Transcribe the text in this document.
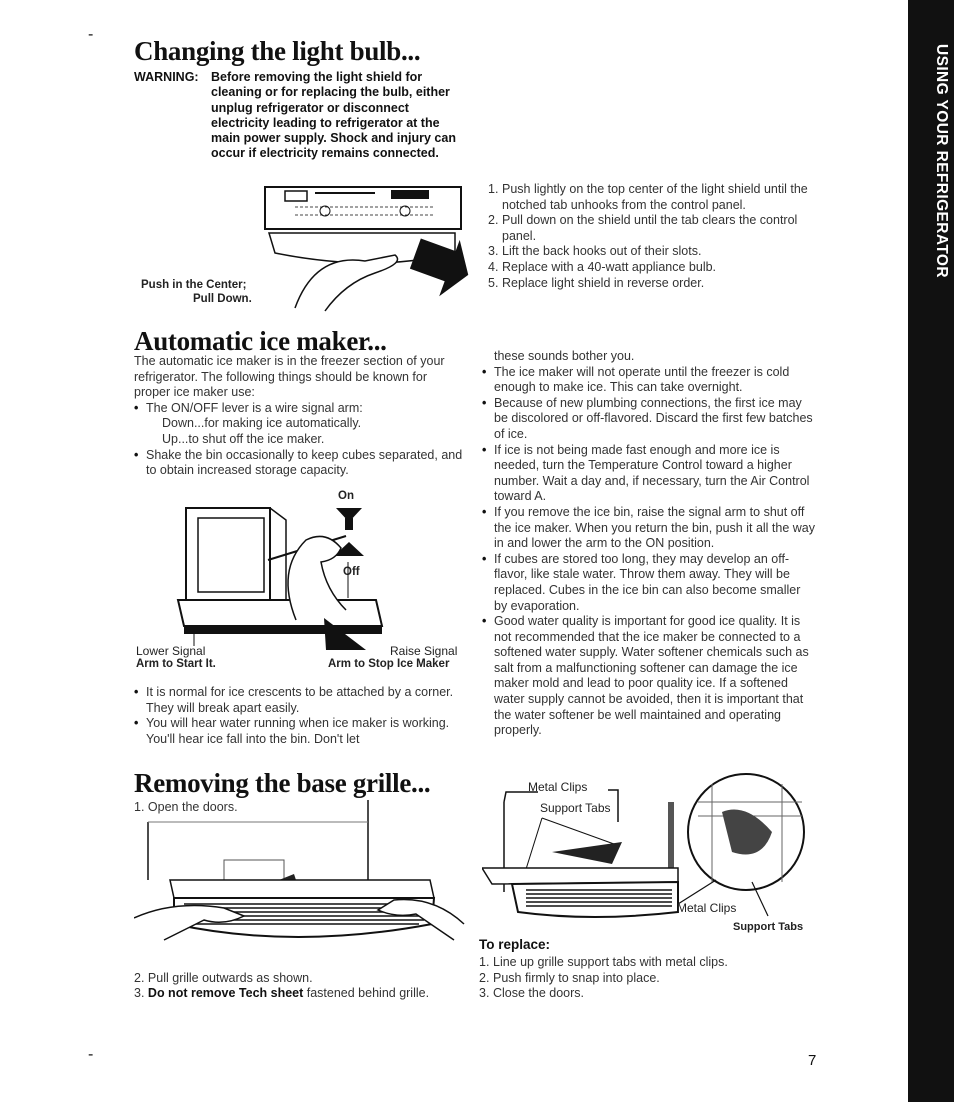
USING YOUR REFRIGERATOR
-
-
Changing the light bulb...
WARNING: Before removing the light shield for cleaning or for replacing the bulb, either unplug refrigerator or disconnect electricity leading to refrigerator at the main power supply. Shock and injury can occur if electricity remains connected.
Push in the Center;
Pull Down.
1. Push lightly on the top center of the light shield until the notched tab unhooks from the control panel.
2. Pull down on the shield until the tab clears the control panel.
3. Lift the back hooks out of their slots.
4. Replace with a 40-watt appliance bulb.
5. Replace light shield in reverse order.
Automatic ice maker...
The automatic ice maker is in the freezer section of your refrigerator. The following things should be known for proper ice maker use:
• The ON/OFF lever is a wire signal arm:
Down...for making ice automatically.
Up...to shut off the ice maker.
• Shake the bin occasionally to keep cubes separated, and to obtain increased storage capacity.
On
Off
Lower Signal
Arm to Start It.
Raise Signal
Arm to Stop Ice Maker
• It is normal for ice crescents to be attached by a corner. They will break apart easily.
• You will hear water running when ice maker is working. You'll hear ice fall into the bin. Don't let
these sounds bother you.
• The ice maker will not operate until the freezer is cold enough to make ice. This can take overnight.
• Because of new plumbing connections, the first ice may be discolored or off-flavored. Discard the first few batches of ice.
• If ice is not being made fast enough and more ice is needed, turn the Temperature Control toward a higher number. Wait a day and, if necessary, turn the Air Control toward A.
• If you remove the ice bin, raise the signal arm to shut off the ice maker. When you return the bin, push it all the way in and lower the arm to the ON position.
• If cubes are stored too long, they may develop an off-flavor, like stale water. Throw them away. They will be replaced. Cubes in the ice bin can also become smaller by evaporation.
• Good water quality is important for good ice quality. It is not recommended that the ice maker be connected to a softened water supply. Water softener chemicals such as salt from a malfunctioning softener can damage the ice maker mold and lead to poor quality ice. If a softened water supply cannot be avoided, then it is important that the water softener be well maintained and operating properly.
Removing the base grille...
1. Open the doors.
2. Pull grille outwards as shown.
3. Do not remove Tech sheet fastened behind grille.
Metal Clips
Support Tabs
Metal Clips
Support Tabs
To replace:
1. Line up grille support tabs with metal clips.
2. Push firmly to snap into place.
3. Close the doors.
7
